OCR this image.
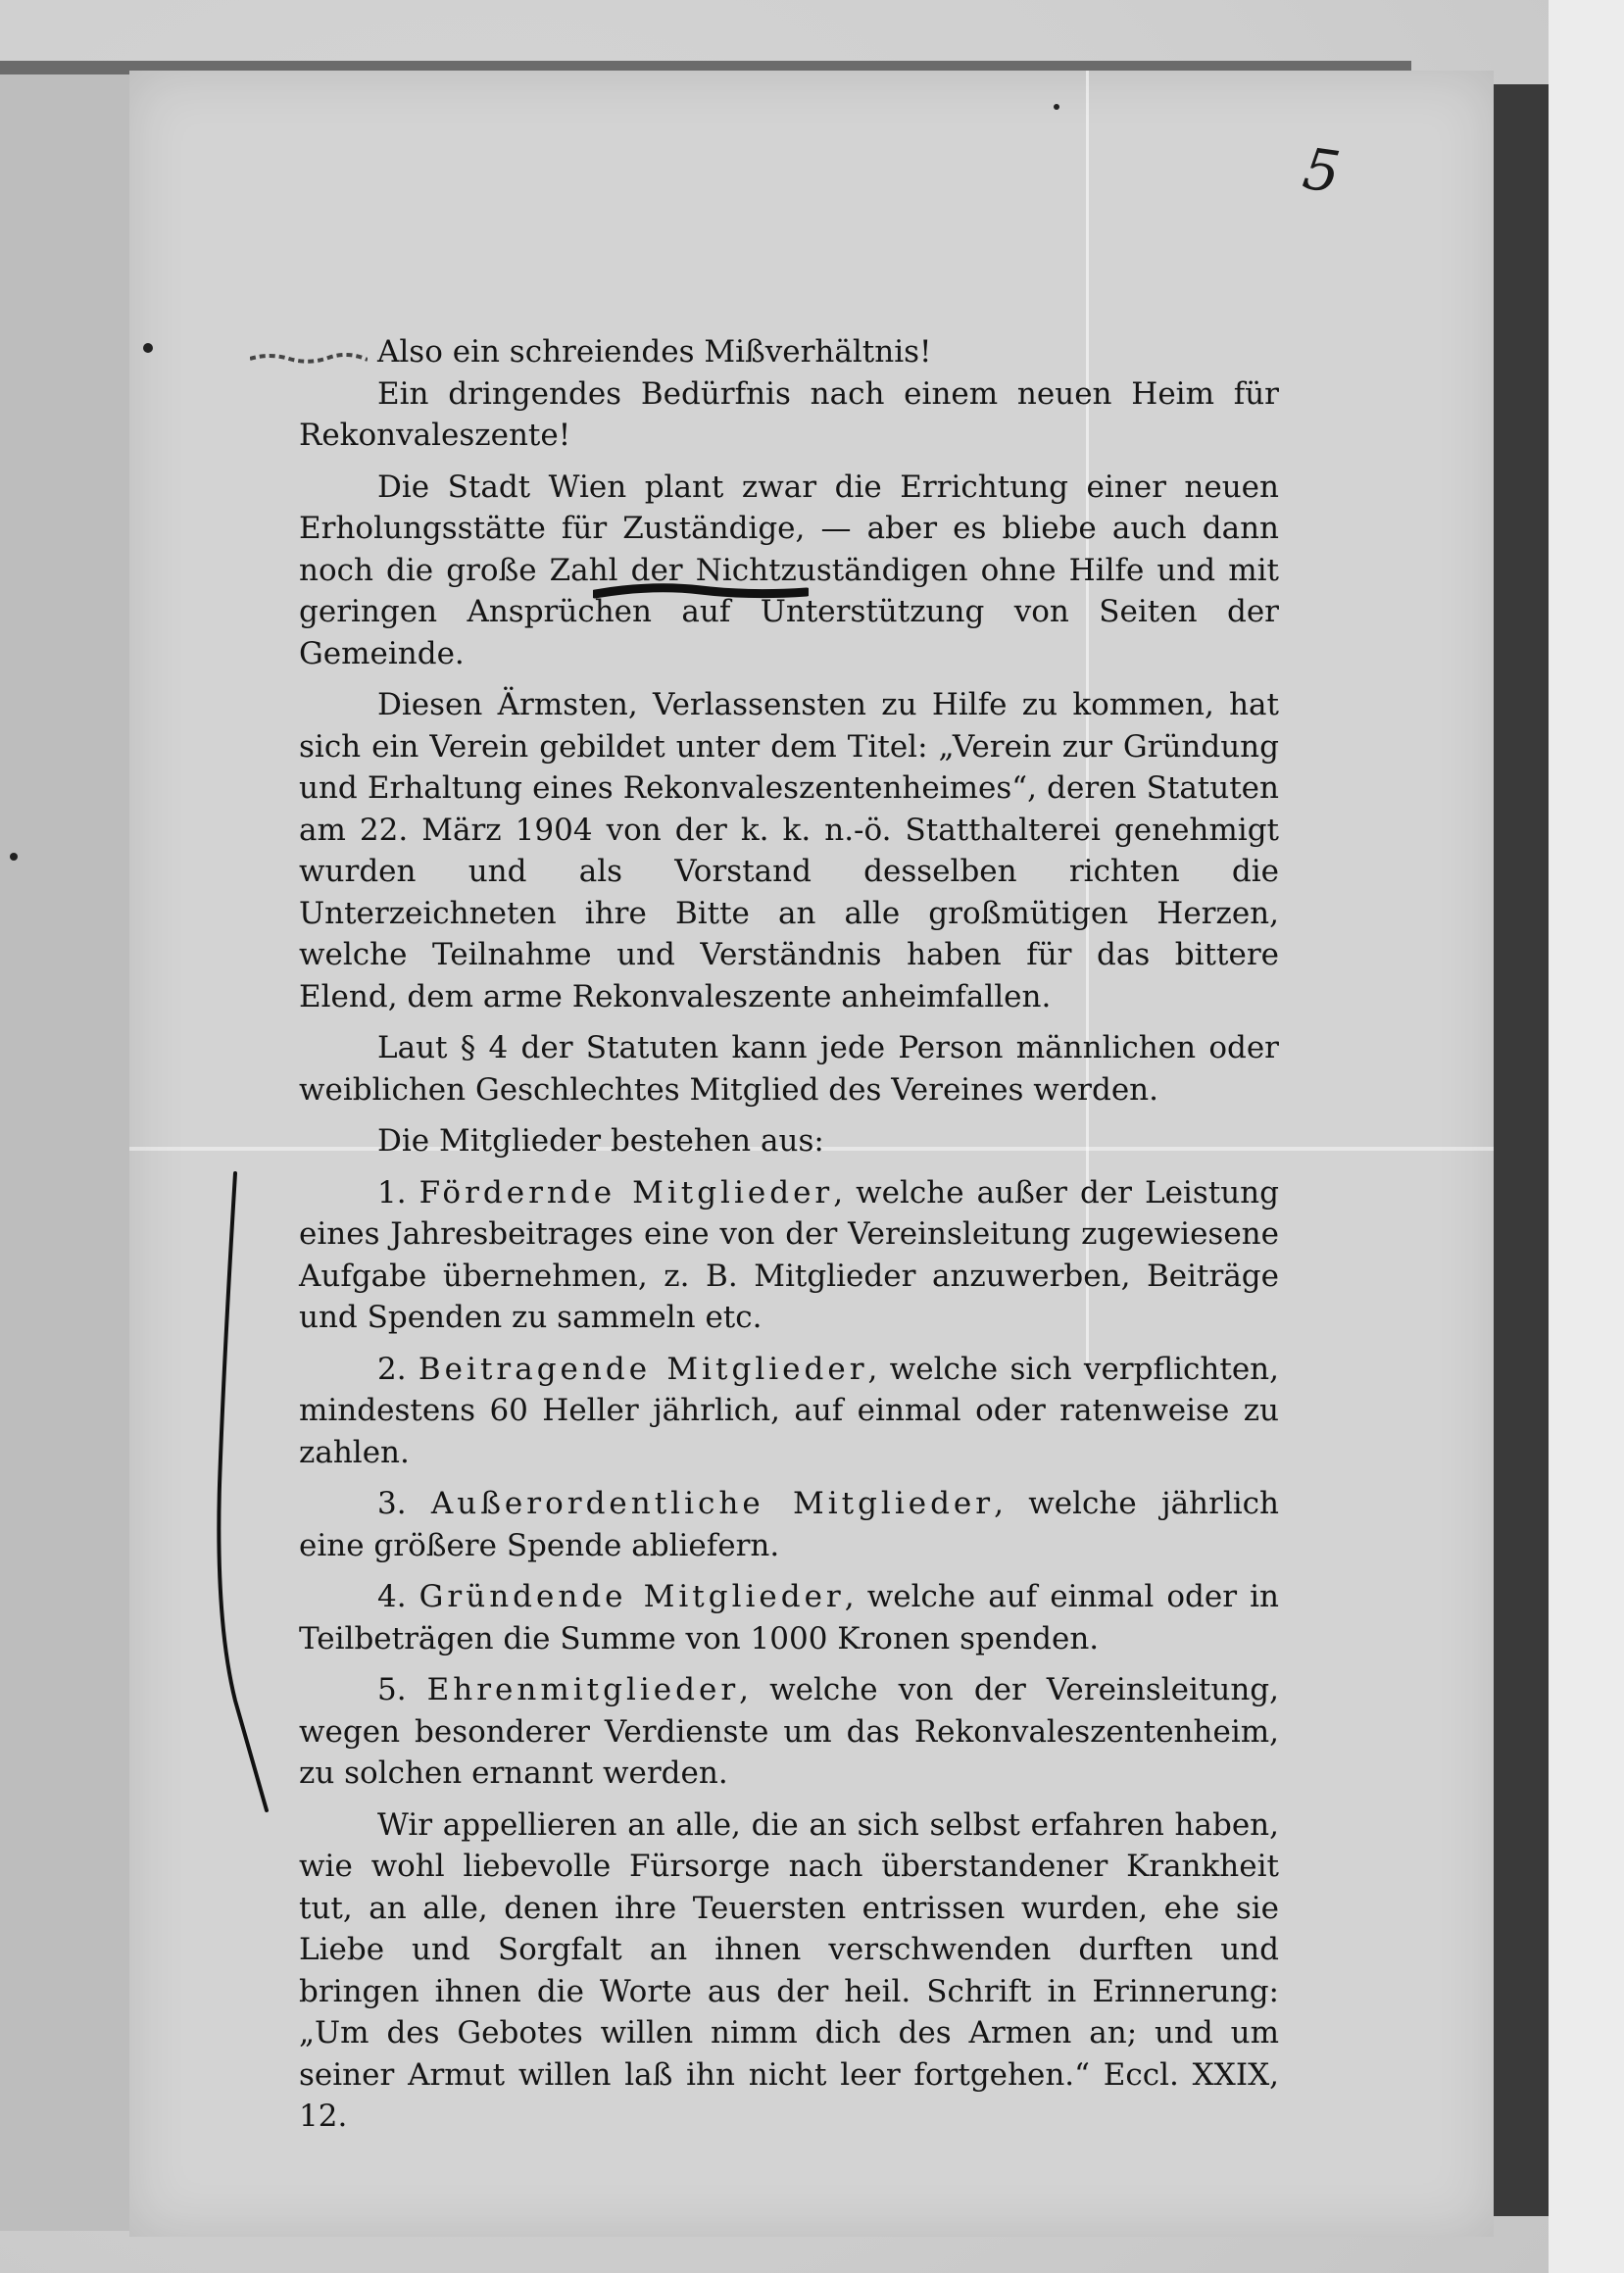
5

Also ein schreiendes Mißverhältnis!

Ein dringendes Bedürfnis nach einem neuen Heim für Rekonvaleszente!

Die Stadt Wien plant zwar die Errichtung einer neuen Erholungsstätte für Zuständige, — aber es bliebe auch dann noch die große Zahl der Nichtzuständigen ohne Hilfe und mit geringen Ansprüchen auf Unterstützung von Seiten der Gemeinde.

Diesen Ärmsten, Verlassensten zu Hilfe zu kommen, hat sich ein Verein gebildet unter dem Titel: „Verein zur Gründung und Erhaltung eines Rekonvaleszentenheimes“, deren Statuten am 22. März 1904 von der k. k. n.-ö. Statthalterei genehmigt wurden und als Vorstand desselben richten die Unterzeichneten ihre Bitte an alle großmütigen Herzen, welche Teilnahme und Verständnis haben für das bittere Elend, dem arme Rekonvaleszente anheimfallen.

Laut § 4 der Statuten kann jede Person männlichen oder weiblichen Geschlechtes Mitglied des Vereines werden.

Die Mitglieder bestehen aus:

1. Fördernde Mitglieder, welche außer der Leistung eines Jahresbeitrages eine von der Vereinsleitung zugewiesene Aufgabe übernehmen, z. B. Mitglieder anzuwerben, Beiträge und Spenden zu sammeln etc.

2. Beitragende Mitglieder, welche sich verpflichten, mindestens 60 Heller jährlich, auf einmal oder ratenweise zu zahlen.

3. Außerordentliche Mitglieder, welche jährlich eine größere Spende abliefern.

4. Gründende Mitglieder, welche auf einmal oder in Teilbeträgen die Summe von 1000 Kronen spenden.

5. Ehrenmitglieder, welche von der Vereinsleitung, wegen besonderer Verdienste um das Rekonvaleszentenheim, zu solchen ernannt werden.

Wir appellieren an alle, die an sich selbst erfahren haben, wie wohl liebevolle Fürsorge nach überstandener Krankheit tut, an alle, denen ihre Teuersten entrissen wurden, ehe sie Liebe und Sorgfalt an ihnen verschwenden durften und bringen ihnen die Worte aus der heil. Schrift in Erinnerung: „Um des Gebotes willen nimm dich des Armen an; und um seiner Armut willen laß ihn nicht leer fortgehen.“ Eccl. XXIX, 12.
